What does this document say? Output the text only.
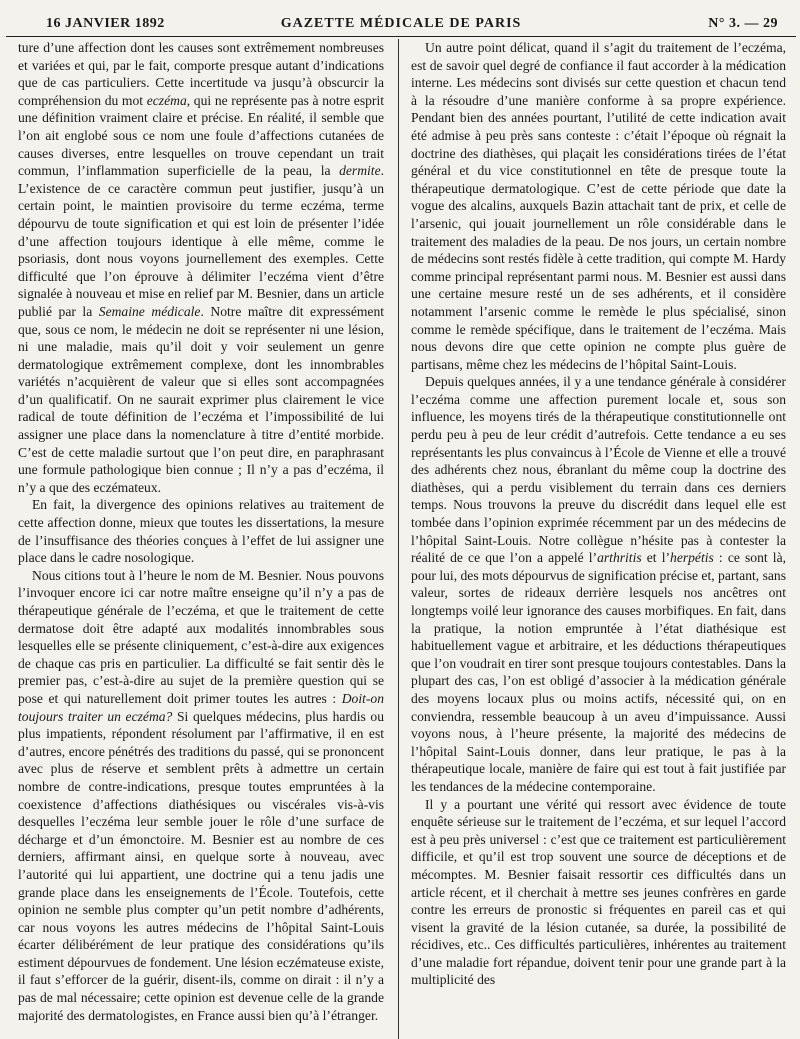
16 JANVIER 1892	GAZETTE MÉDICALE DE PARIS	N° 3. — 29

ture d’une affection dont les causes sont extrêmement nombreuses et variées et qui, par le fait, comporte presque autant d’indications que de cas particuliers. Cette incertitude va jusqu’à obscurcir la compréhension du mot eczéma, qui ne représente pas à notre esprit une définition vraiment claire et précise. En réalité, il semble que l’on ait englobé sous ce nom une foule d’affections cutanées de causes diverses, entre lesquelles on trouve cependant un trait commun, l’inflammation superficielle de la peau, la dermite. L’existence de ce caractère commun peut justifier, jusqu’à un certain point, le maintien provisoire du terme eczéma, terme dépourvu de toute signification et qui est loin de présenter l’idée d’une affection toujours identique à elle même, comme le psoriasis, dont nous voyons journellement des exemples. Cette difficulté que l’on éprouve à délimiter l’eczéma vient d’être signalée à nouveau et mise en relief par M. Besnier, dans un article publié par la Semaine médicale. Notre maître dit expressément que, sous ce nom, le médecin ne doit se représenter ni une lésion, ni une maladie, mais qu’il doit y voir seulement un genre dermatologique extrêmement complexe, dont les innombrables variétés n’acquièrent de valeur que si elles sont accompagnées d’un qualificatif. On ne saurait exprimer plus clairement le vice radical de toute définition de l’eczéma et l’impossibilité de lui assigner une place dans la nomenclature à titre d’entité morbide. C’est de cette maladie surtout que l’on peut dire, en paraphrasant une formule pathologique bien connue ; Il n’y a pas d’eczéma, il n’y a que des eczémateux.

En fait, la divergence des opinions relatives au traitement de cette affection donne, mieux que toutes les dissertations, la mesure de l’insuffisance des théories conçues à l’effet de lui assigner une place dans le cadre nosologique.

Nous citions tout à l’heure le nom de M. Besnier. Nous pouvons l’invoquer encore ici car notre maître enseigne qu’il n’y a pas de thérapeutique générale de l’eczéma, et que le traitement de cette dermatose doit être adapté aux modalités innombrables sous lesquelles elle se présente cliniquement, c’est-à-dire aux exigences de chaque cas pris en particulier. La difficulté se fait sentir dès le premier pas, c’est-à-dire au sujet de la première question qui se pose et qui naturellement doit primer toutes les autres : Doit-on toujours traiter un eczéma? Si quelques médecins, plus hardis ou plus impatients, répondent résolument par l’affirmative, il en est d’autres, encore pénétrés des traditions du passé, qui se prononcent avec plus de réserve et semblent prêts à admettre un certain nombre de contre-indications, presque toutes empruntées à la coexistence d’affections diathésiques ou viscérales vis-à-vis desquelles l’eczéma leur semble jouer le rôle d’une surface de décharge et d’un émonctoire. M. Besnier est au nombre de ces derniers, affirmant ainsi, en quelque sorte à nouveau, avec l’autorité qui lui appartient, une doctrine qui a tenu jadis une grande place dans les enseignements de l’École. Toutefois, cette opinion ne semble plus compter qu’un petit nombre d’adhérents, car nous voyons les autres médecins de l’hôpital Saint-Louis écarter délibérément de leur pratique des considérations qu’ils estiment dépourvues de fondement. Une lésion eczémateuse existe, il faut s’efforcer de la guérir, disent-ils, comme on dirait : il n’y a pas de mal nécessaire; cette opinion est devenue celle de la grande majorité des dermatologistes, en France aussi bien qu’à l’étranger.

Un autre point délicat, quand il s’agit du traitement de l’eczéma, est de savoir quel degré de confiance il faut accorder à la médication interne. Les médecins sont divisés sur cette question et chacun tend à la résoudre d’une manière conforme à sa propre expérience. Pendant bien des années pourtant, l’utilité de cette indication avait été admise à peu près sans conteste : c’était l’époque où régnait la doctrine des diathèses, qui plaçait les considérations tirées de l’état général et du vice constitutionnel en tête de presque toute la thérapeutique dermatologique. C’est de cette période que date la vogue des alcalins, auxquels Bazin attachait tant de prix, et celle de l’arsenic, qui jouait journellement un rôle considérable dans le traitement des maladies de la peau. De nos jours, un certain nombre de médecins sont restés fidèle à cette tradition, qui compte M. Hardy comme principal représentant parmi nous. M. Besnier est aussi dans une certaine mesure resté un de ses adhérents, et il considère notamment l’arsenic comme le remède le plus spécialisé, sinon comme le remède spécifique, dans le traitement de l’eczéma. Mais nous devons dire que cette opinion ne compte plus guère de partisans, même chez les médecins de l’hôpital Saint-Louis.

Depuis quelques années, il y a une tendance générale à considérer l’eczéma comme une affection purement locale et, sous son influence, les moyens tirés de la thérapeutique constitutionnelle ont perdu peu à peu de leur crédit d’autrefois. Cette tendance a eu ses représentants les plus convaincus à l’École de Vienne et elle a trouvé des adhérents chez nous, ébranlant du même coup la doctrine des diathèses, qui a perdu visiblement du terrain dans ces derniers temps. Nous trouvons la preuve du discrédit dans lequel elle est tombée dans l’opinion exprimée récemment par un des médecins de l’hôpital Saint-Louis. Notre collègue n’hésite pas à contester la réalité de ce que l’on a appelé l’arthritis et l’herpétis : ce sont là, pour lui, des mots dépourvus de signification précise et, partant, sans valeur, sortes de rideaux derrière lesquels nos ancêtres ont longtemps voilé leur ignorance des causes morbifiques. En fait, dans la pratique, la notion empruntée à l’état diathésique est habituellement vague et arbitraire, et les déductions thérapeutiques que l’on voudrait en tirer sont presque toujours contestables. Dans la plupart des cas, l’on est obligé d’associer à la médication générale des moyens locaux plus ou moins actifs, nécessité qui, on en conviendra, ressemble beaucoup à un aveu d’impuissance. Aussi voyons nous, à l’heure présente, la majorité des médecins de l’hôpital Saint-Louis donner, dans leur pratique, le pas à la thérapeutique locale, manière de faire qui est tout à fait justifiée par les tendances de la médecine contemporaine.

Il y a pourtant une vérité qui ressort avec évidence de toute enquête sérieuse sur le traitement de l’eczéma, et sur lequel l’accord est à peu près universel : c’est que ce traitement est particulièrement difficile, et qu’il est trop souvent une source de déceptions et de mécomptes. M. Besnier faisait ressortir ces difficultés dans un article récent, et il cherchait à mettre ses jeunes confrères en garde contre les erreurs de pronostic si fréquentes en pareil cas et qui visent la gravité de la lésion cutanée, sa durée, la possibilité de récidives, etc.. Ces difficultés particulières, inhérentes au traitement d’une maladie fort répandue, doivent tenir pour une grande part à la multiplicité des
